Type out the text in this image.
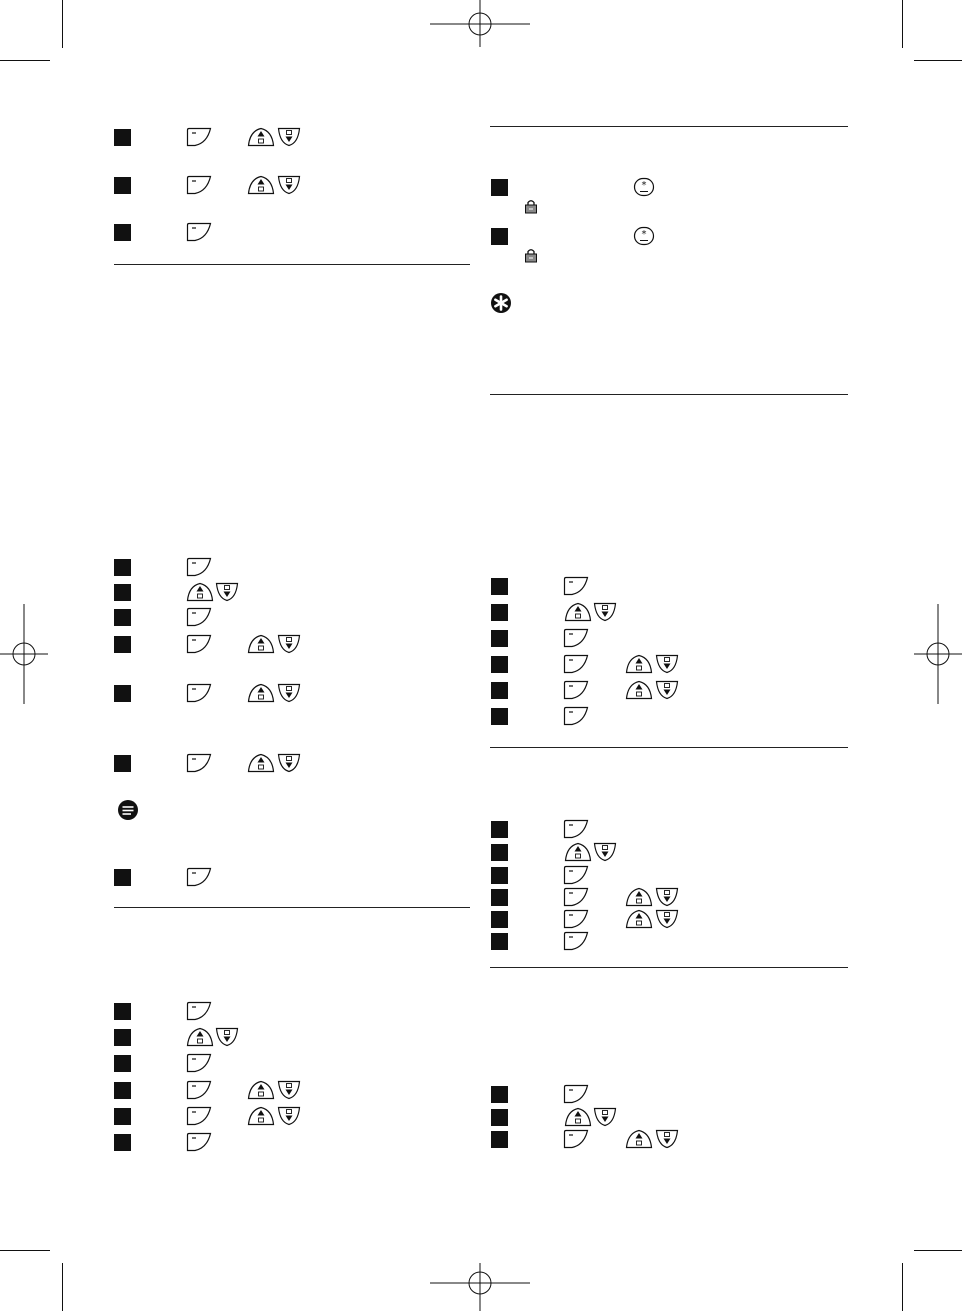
*
*
